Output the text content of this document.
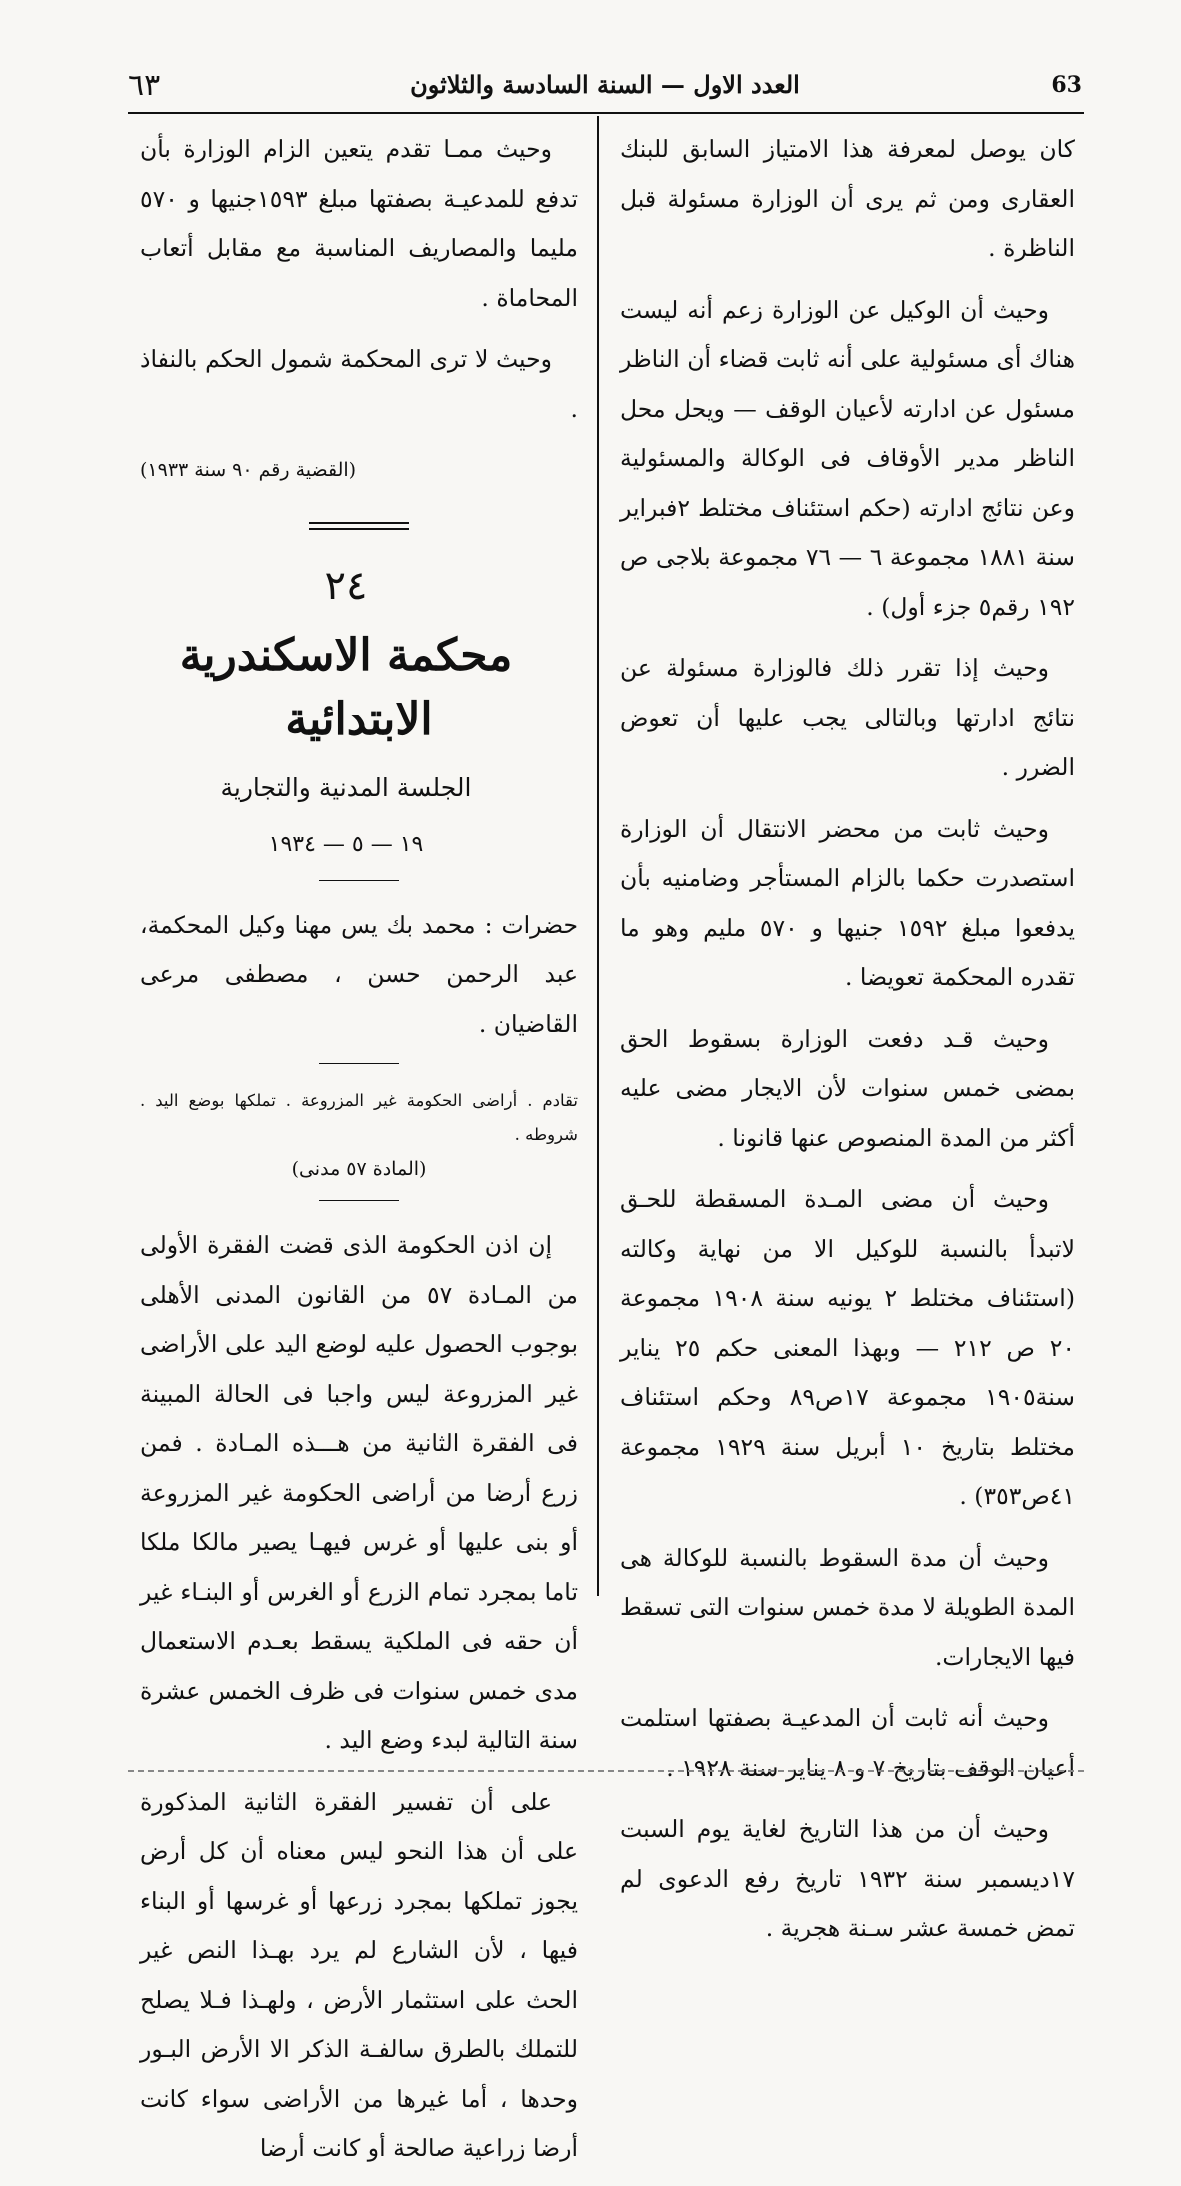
٦٣	العدد الاول — السنة السادسة والثلاثون	63

كان يوصل لمعرفة هذا الامتياز السابق للبنك العقارى ومن ثم يرى أن الوزارة مسئولة قبل الناظرة .

وحيث أن الوكيل عن الوزارة زعم أنه ليست هناك أى مسئولية على أنه ثابت قضاء أن الناظر مسئول عن ادارته لأعيان الوقف — ويحل محل الناظر مدير الأوقاف فى الوكالة والمسئولية وعن نتائج ادارته (حكم استئناف مختلط ٢فبراير سنة ١٨٨١ مجموعة ٦ — ٧٦ مجموعة بلاجى ص ١٩٢ رقم٥ جزء أول) .

وحيث إذا تقرر ذلك فالوزارة مسئولة عن نتائج ادارتها وبالتالى يجب عليها أن تعوض الضرر .

وحيث ثابت من محضر الانتقال أن الوزارة استصدرت حكما بالزام المستأجر وضامنيه بأن يدفعوا مبلغ ١٥٩٢ جنيها و ٥٧٠ مليم وهو ما تقدره المحكمة تعويضا .

وحيث قـد دفعت الوزارة بسقوط الحق بمضى خمس سنوات لأن الايجار مضى عليه أكثر من المدة المنصوص عنها قانونا .

وحيث أن مضى المـدة المسقطة للحـق لاتبدأ بالنسبة للوكيل الا من نهاية وكالته (استئناف مختلط ٢ يونيه سنة ١٩٠٨ مجموعة ٢٠ ص ٢١٢ — وبهذا المعنى حكم ٢٥ يناير سنة١٩٠٥ مجموعة ١٧ص٨٩ وحكم استئناف مختلط بتاريخ ١٠ أبريل سنة ١٩٢٩ مجموعة ٤١ص٣٥٣) .

وحيث أن مدة السقوط بالنسبة للوكالة هى المدة الطويلة لا مدة خمس سنوات التى تسقط فيها الايجارات.

وحيث أنه ثابت أن المدعيـة بصفتها استلمت أعيان الوقف بتاريخ ٧ و ٨ يناير سنة ١٩٢٨ .

وحيث أن من هذا التاريخ لغاية يوم السبت ١٧ديسمبر سنة ١٩٣٢ تاريخ رفع الدعوى لم تمض خمسة عشر سـنة هجرية .

وحيث ممـا تقدم يتعين الزام الوزارة بأن تدفع للمدعيـة بصفتها مبلغ ١٥٩٣جنيها و ٥٧٠ مليما والمصاريف المناسبة مع مقابل أتعاب المحاماة .

وحيث لا ترى المحكمة شمول الحكم بالنفاذ .

(القضية رقم ٩٠ سنة ١٩٣٣)

٢٤

محكمة الاسكندرية الابتدائية

الجلسة المدنية والتجارية

١٩ — ٥ — ١٩٣٤

حضرات : محمد بك يس مهنا وكيل المحكمة، عبد الرحمن حسن ، مصطفى مرعى القاضيان .

تقادم . أراضى الحكومة غير المزروعة . تملكها بوضع اليد . شروطه .

(المادة ٥٧ مدنى)

إن اذن الحكومة الذى قضت الفقرة الأولى من المـادة ٥٧ من القانون المدنى الأهلى بوجوب الحصول عليه لوضع اليد على الأراضى غير المزروعة ليس واجبا فى الحالة المبينة فى الفقرة الثانية من هـــذه المـادة . فمن زرع أرضا من أراضى الحكومة غير المزروعة أو بنى عليها أو غرس فيهـا يصير مالكا ملكا تاما بمجرد تمام الزرع أو الغرس أو البنـاء غير أن حقه فى الملكية يسقط بعـدم الاستعمال مدى خمس سنوات فى ظرف الخمس عشرة سنة التالية لبدء وضع اليد .

على أن تفسير الفقرة الثانية المذكورة على أن هذا النحو ليس معناه أن كل أرض يجوز تملكها بمجرد زرعها أو غرسها أو البناء فيها ، لأن الشارع لم يرد بهـذا النص غير الحث على استثمار الأرض ، ولهـذا فـلا يصلح للتملك بالطرق سالفـة الذكر الا الأرض البـور وحدها ، أما غيرها من الأراضى سواء كانت أرضا زراعية صالحة أو كانت أرضا
